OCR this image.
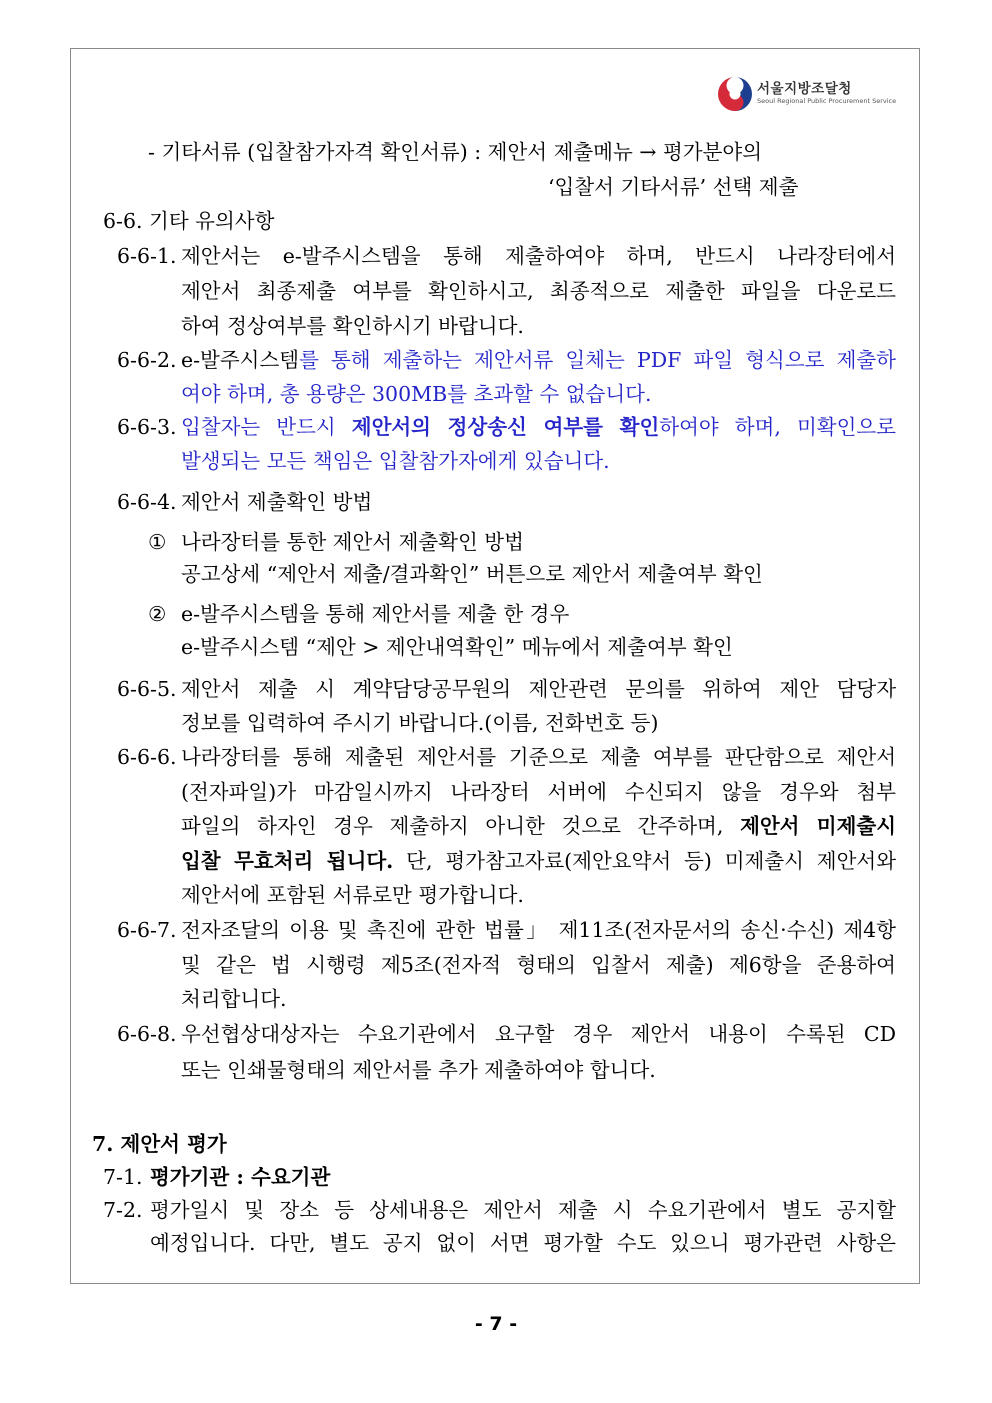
서울지방조달청
Seoul Regional Public Procurement Service
- 기타서류 (입찰참가자격 확인서류) : 제안서 제출메뉴 → 평가분야의
‘입찰서 기타서류’ 선택 제출
6-6. 기타 유의사항
6-6-1. 제안서는 e-발주시스템을 통해 제출하여야 하며, 반드시 나라장터에서
제안서 최종제출 여부를 확인하시고, 최종적으로 제출한 파일을 다운로드
하여 정상여부를 확인하시기 바랍니다.
6-6-2. e-발주시스템를 통해 제출하는 제안서류 일체는 PDF 파일 형식으로 제출하
여야 하며, 총 용량은 300MB를 초과할 수 없습니다.
6-6-3. 입찰자는 반드시 제안서의 정상송신 여부를 확인하여야 하며, 미확인으로
발생되는 모든 책임은 입찰참가자에게 있습니다.
6-6-4. 제안서 제출확인 방법
① 나라장터를 통한 제안서 제출확인 방법
공고상세 “제안서 제출/결과확인” 버튼으로 제안서 제출여부 확인
② e-발주시스템을 통해 제안서를 제출 한 경우
e-발주시스템 “제안 > 제안내역확인” 메뉴에서 제출여부 확인
6-6-5. 제안서 제출 시 계약담당공무원의 제안관련 문의를 위하여 제안 담당자
정보를 입력하여 주시기 바랍니다.(이름, 전화번호 등)
6-6-6. 나라장터를 통해 제출된 제안서를 기준으로 제출 여부를 판단함으로 제안서
(전자파일)가 마감일시까지 나라장터 서버에 수신되지 않을 경우와 첨부
파일의 하자인 경우 제출하지 아니한 것으로 간주하며, 제안서 미제출시
입찰 무효처리 됩니다. 단, 평가참고자료(제안요약서 등) 미제출시 제안서와
제안서에 포함된 서류로만 평가합니다.
6-6-7. 전자조달의 이용 및 촉진에 관한 법률」 제11조(전자문서의 송신·수신) 제4항
및 같은 법 시행령 제5조(전자적 형태의 입찰서 제출) 제6항을 준용하여
처리합니다.
6-6-8. 우선협상대상자는 수요기관에서 요구할 경우 제안서 내용이 수록된 CD
또는 인쇄물형태의 제안서를 추가 제출하여야 합니다.
7. 제안서 평가
7-1. 평가기관 : 수요기관
7-2. 평가일시 및 장소 등 상세내용은 제안서 제출 시 수요기관에서 별도 공지할
예정입니다. 다만, 별도 공지 없이 서면 평가할 수도 있으니 평가관련 사항은
- 7 -
